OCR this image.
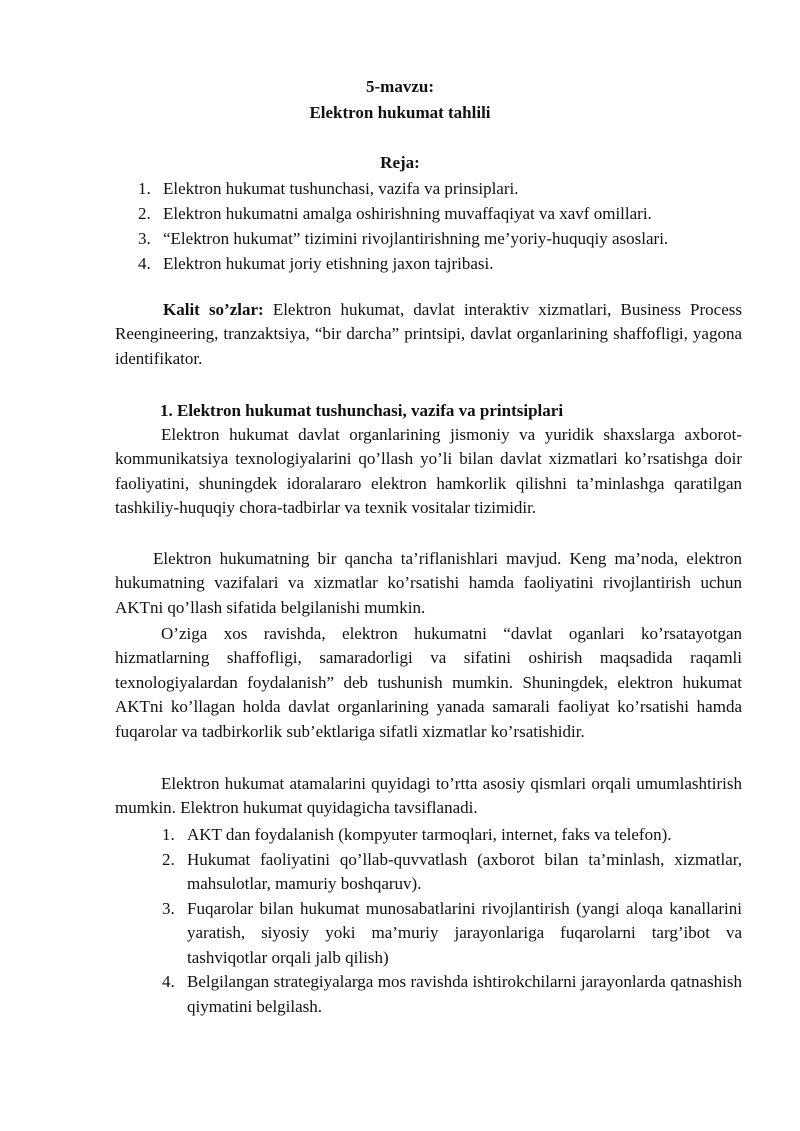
5-mavzu:

Elektron hukumat tahlili

Reja:

1. Elektron hukumat tushunchasi, vazifa va prinsiplari.
2. Elektron hukumatni amalga oshirishning muvaffaqiyat va xavf omillari.
3. “Elektron hukumat” tizimini rivojlantirishning me’yoriy-huquqiy asoslari.
4. Elektron hukumat joriy etishning jaxon tajribasi.

Kalit so’zlar: Elektron hukumat, davlat interaktiv xizmatlari, Business Process Reengineering, tranzaktsiya, “bir darcha” printsipi, davlat organlarining shaffofligi, yagona identifikator.

1. Elektron hukumat tushunchasi, vazifa va printsiplari

Elektron hukumat davlat organlarining jismoniy va yuridik shaxslarga axborot-kommunikatsiya texnologiyalarini qo’llash yo’li bilan davlat xizmatlari ko’rsatishga doir faoliyatini, shuningdek idoralararo elektron hamkorlik qilishni ta’minlashga qaratilgan tashkiliy-huquqiy chora-tadbirlar va texnik vositalar tizimidir.

Elektron hukumatning bir qancha ta’riflanishlari mavjud. Keng ma’noda, elektron hukumatning vazifalari va xizmatlar ko’rsatishi hamda faoliyatini rivojlantirish uchun AKTni qo’llash sifatida belgilanishi mumkin.

O’ziga xos ravishda, elektron hukumatni “davlat oganlari ko’rsatayotgan hizmatlarning shaffofligi, samaradorligi va sifatini oshirish maqsadida raqamli texnologiyalardan foydalanish” deb tushunish mumkin. Shuningdek, elektron hukumat AKTni ko’llagan holda davlat organlarining yanada samarali faoliyat ko’rsatishi hamda fuqarolar va tadbirkorlik sub’ektlariga sifatli xizmatlar ko’rsatishidir.

Elektron hukumat atamalarini quyidagi to’rtta asosiy qismlari orqali umumlashtirish mumkin. Elektron hukumat quyidagicha tavsiflanadi.

1. AKT dan foydalanish (kompyuter tarmoqlari, internet, faks va telefon).
2. Hukumat faoliyatini qo’llab-quvvatlash (axborot bilan ta’minlash, xizmatlar, mahsulotlar, mamuriy boshqaruv).
3. Fuqarolar bilan hukumat munosabatlarini rivojlantirish (yangi aloqa kanallarini yaratish, siyosiy yoki ma’muriy jarayonlariga fuqarolarni targ’ibot va tashviqotlar orqali jalb qilish)
4. Belgilangan strategiyalarga mos ravishda ishtirokchilarni jarayonlarda qatnashish qiymatini belgilash.
